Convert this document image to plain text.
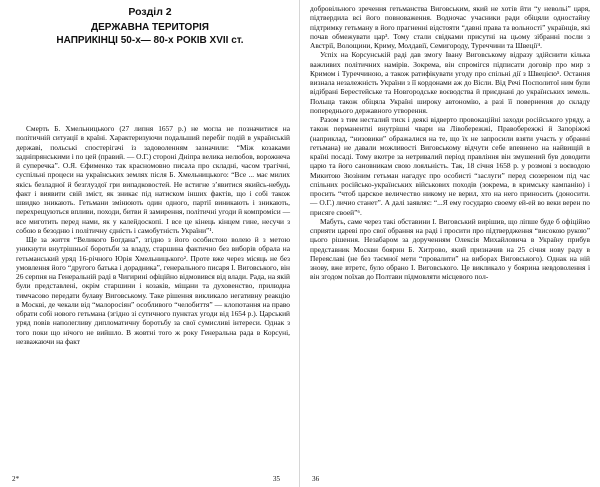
Розділ 2
ДЕРЖАВНА ТЕРИТОРІЯ
НАПРИКІНЦІ 50-х— 80-х РОКІВ XVII ст.

Смерть Б. Хмельницького (27 липня 1657 р.) не могла не позначитися на політичній ситуації в країні. Характеризуючи подальший перебіг подій в українській державі, польські спостерігачі із задоволенням зазначили: “Між козаками задніпрянськими і по цей (правий. — О.Г.) стороні Дніпра велика нелюбов, ворожнеча й суперечка”. О.Я. Єфименко так красномовно писала про складні, часом трагічні, суспільні процеси на українських землях після Б. Хмельницького: “Все ... має милих якісь безладної й безглуздої гри випадковостей. Не встигне з’явитися якийсь-небудь факт і виявити свій зміст, як зникає під натиском інших фактів, що і собі також швидко зникають. Гетьмани змінюють один одного, партії виникають і зникають, перехрещуються впливи, походи, битви й замирення, політичні угоди й компроміси — все миготить перед нами, як у калейдоскопі. І все це кінець кінцем гине, несучи з собою в безодню і політичну єдність і самобутність України”¹.

Ще за життя “Великого Богдана”, згідно з його особистою волею й з метою уникнути внутрішньої боротьби за владу, старшина фактично без виборів обрала на гетьманський уряд 16-річного Юрія Хмельницького². Проте вже через місяць не без умовлення його “другого батька і дорадника”, генерального писаря І. Виговського, він 26 серпня на Генеральній раді в Чигирині офіційно відмовився від влади. Рада, на якій були представлені, окрім старшини і козаків, міщани та духовенство, прилюдна тимчасово передати булаву Виговському. Таке рішення викликало негативну реакцію в Москві, де чекали від “малоросіян” особливого “челобиття” — клопотання на право обрати собі нового гетьмана (згідно зі сутичного пунктах угоди від 1654 р.). Царський уряд повів наполегливу дипломатичну боротьбу за свої сумисливі інтереси. Однак з того поки що нічого не вийшло. В жовтні того ж року Генеральна рада в Корсуні, незважаючи на факт

2*	35

добровільного зречення гетьманства Виговським, який не хотів йти “у невольі” царя, підтвердила всі його повноваження. Водночас учасники ради обіцяли одностайну підтримку гетьману в його прагненні відстояти “давні права та вольності” українців, які почав обмежувати цар³. Тому стали свідками присутні на цьому зібранні посли з Австрії, Волощини, Криму, Молдавії, Семигороду, Туреччини та Швеції⁴.

Успіх на Корсунській раді дав змогу Івану Виговському відразу здійснити кілька важливих політичних намірів. Зокрема, він спромігся підписати договір про мир з Кримом і Туреччиною, а також ратифікувати угоду про спільні дії з Швецією⁵. Остання визнала незалежність України з її кордонами аж до Вісли. Від Речі Посполитої ним були відібрані Берестейське та Новгородське воєводства й приєднані до українських земель. Польща також обіцяла Україні широку автономію, а разі її повернення до складу попереднього державного утворення.

Разом з тим несталий тиск і деякі відверто провокаційні заходи російського уряду, а також перманентні внутрішні чвари на Лівобережжі, Правобережжі й Запоріжжі (наприклад, “низовики” ображалися на те, що їх не запросили взяти участь у обранні гетьмана) не давали можливості Виговському відчути себе впевнено на найвищій в країні посаді. Тому вкотре за нетривалий період правління він змушений був доводити царю та його сановникам свою лояльність. Так, 18 січня 1658 р. у розмові з воєводою Микитою Зюзіним гетьман нагадує про особисті “заслуги” перед сюзереном під час спільних російсько-українських військових походів (зокрема, в кримську кампанію) і просить “чтоб царское величество никому не верил, хто на него приносить (доносити. — О.Г.) личио станет”. А далі заявляє: “...Я ему государю своему ей-ей во веки верен по присяге своей”⁶.

Мабуть, саме через такі обставини І. Виговський вирішив, що ліпше буде б офіційно сприяти цареві про свої обрання на раді і просити про підтвердження “високою рукою” цього рішення. Незабаром за дорученням Олексія Михайловича в Україну прибув представник Москви боярин Б. Хитрово, який призначив на 25 січня нову раду в Переяславі (не без таємної мети “провалити” на виборах Виговського). Однак на ній знову, вже втретє, було обрано І. Виговського. Це викликало у боярина невдоволення і він згодом поїхав до Полтави підмовляти місцевого пол-

36
